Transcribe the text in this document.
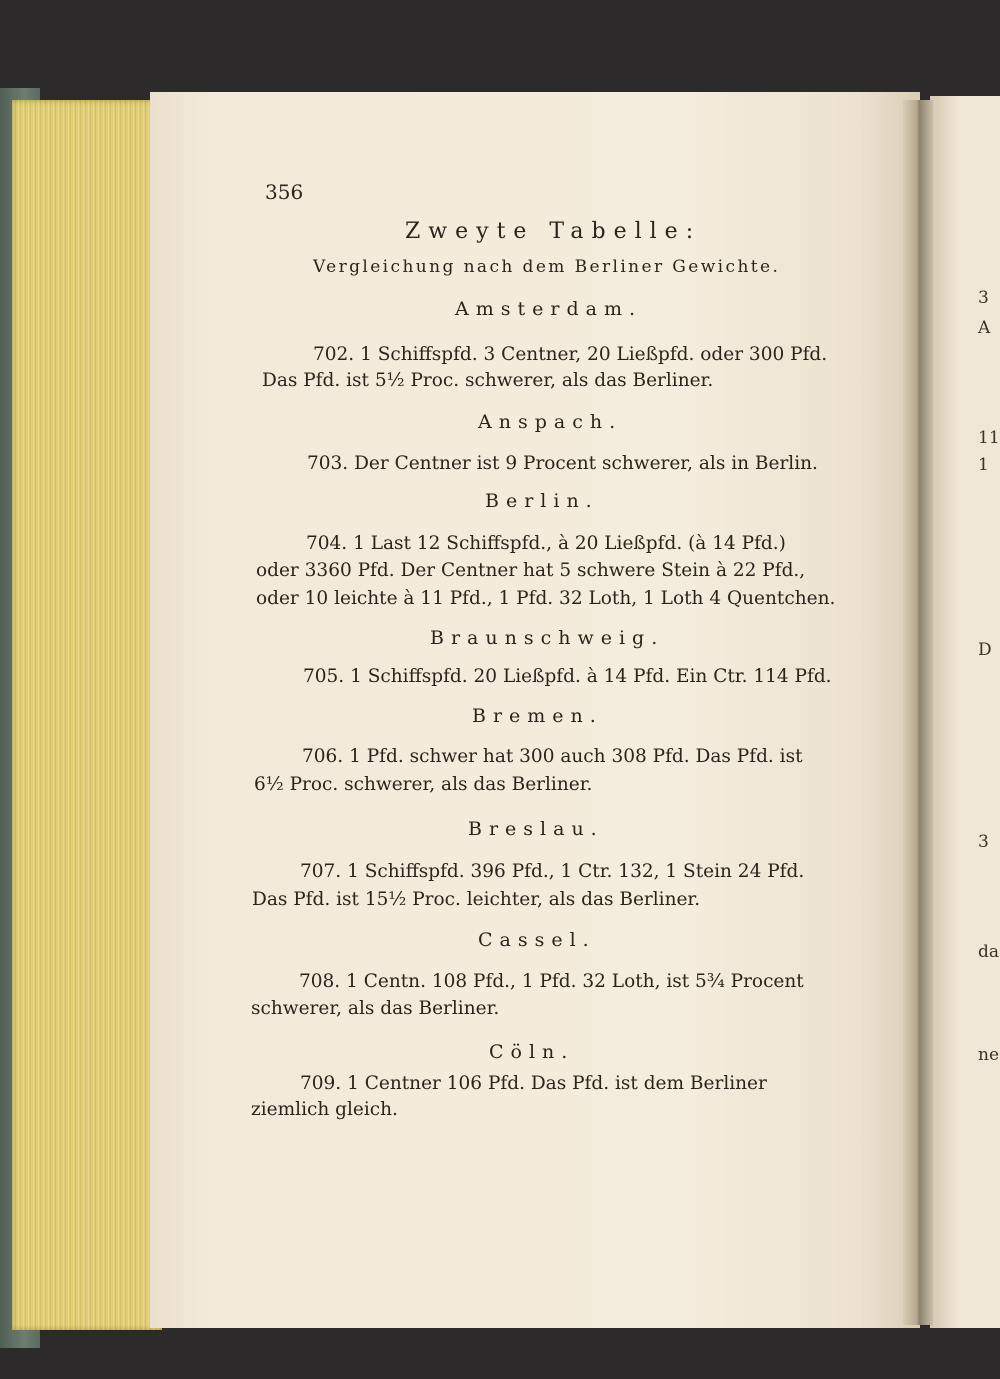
3
A
11
1
D
3
da
ne
356
Zweyte Tabelle:
Vergleichung nach dem Berliner Gewichte.
Amsterdam.
702. 1 Schiffspfd. 3 Centner, 20 Ließpfd. oder 300 Pfd.
Das Pfd. ist 5½ Proc. schwerer, als das Berliner.
Anspach.
703. Der Centner ist 9 Procent schwerer, als in Berlin.
Berlin.
704. 1 Last 12 Schiffspfd., à 20 Ließpfd. (à 14 Pfd.)
oder 3360 Pfd. Der Centner hat 5 schwere Stein à 22 Pfd.,
oder 10 leichte à 11 Pfd., 1 Pfd. 32 Loth, 1 Loth 4 Quentchen.
Braunschweig.
705. 1 Schiffspfd. 20 Ließpfd. à 14 Pfd. Ein Ctr. 114 Pfd.
Bremen.
706. 1 Pfd. schwer hat 300 auch 308 Pfd. Das Pfd. ist
6½ Proc. schwerer, als das Berliner.
Breslau.
707. 1 Schiffspfd. 396 Pfd., 1 Ctr. 132, 1 Stein 24 Pfd.
Das Pfd. ist 15½ Proc. leichter, als das Berliner.
Cassel.
708. 1 Centn. 108 Pfd., 1 Pfd. 32 Loth, ist 5¾ Procent
schwerer, als das Berliner.
Cöln.
709. 1 Centner 106 Pfd. Das Pfd. ist dem Berliner
ziemlich gleich.
